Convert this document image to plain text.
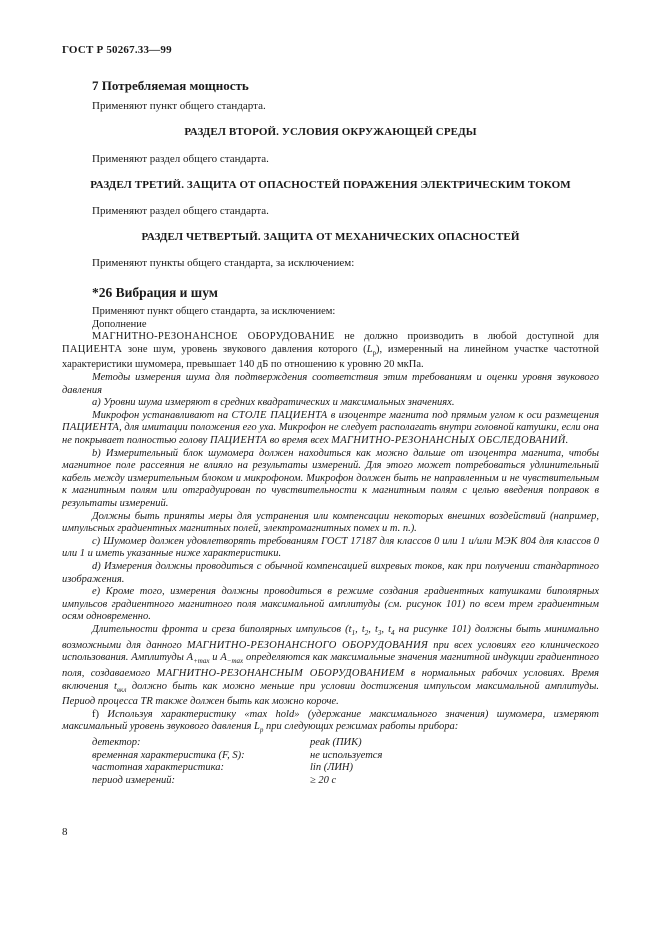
ГОСТ Р 50267.33—99
7 Потребляемая мощность
Применяют пункт общего стандарта.
РАЗДЕЛ ВТОРОЙ. УСЛОВИЯ ОКРУЖАЮЩЕЙ СРЕДЫ
Применяют раздел общего стандарта.
РАЗДЕЛ ТРЕТИЙ. ЗАЩИТА ОТ ОПАСНОСТЕЙ ПОРАЖЕНИЯ ЭЛЕКТРИЧЕСКИМ ТОКОМ
Применяют раздел общего стандарта.
РАЗДЕЛ ЧЕТВЕРТЫЙ. ЗАЩИТА ОТ МЕХАНИЧЕСКИХ ОПАСНОСТЕЙ
Применяют пункты общего стандарта, за исключением:
*26 Вибрация и шум

Применяют пункт общего стандарта, за исключением:

Дополнение

МАГНИТНО-РЕЗОНАНСНОЕ ОБОРУДОВАНИЕ не должно производить в любой доступной для ПАЦИЕНТА зоне шум, уровень звукового давления которого $(L_p)$, измеренный на линейном участке частотной характеристики шумомера, превышает 140 дБ по отношению к уровню 20 мкПа.

Методы измерения шума для подтверждения соответствия этим требованиям и оценки уровня звукового давления

а) Уровни шума измеряют в средних квадратических и максимальных значениях.

Микрофон устанавливают на СТОЛЕ ПАЦИЕНТА в изоцентре магнита под прямым углом к оси размещения ПАЦИЕНТА, для имитации положения его уха. Микрофон не следует располагать внутри головной катушки, если она не покрывает полностью голову ПАЦИЕНТА во время всех МАГНИТНО-РЕЗОНАНСНЫХ ОБСЛЕДОВАНИЙ.

b) Измерительный блок шумомера должен находиться как можно дальше от изоцентра магнита, чтобы магнитное поле рассеяния не влияло на результаты измерений. Для этого может потребоваться удлинительный кабель между измерительным блоком и микрофоном. Микрофон должен быть не направленным и не чувствительным к магнитным полям или отградуирован по чувствительности к магнитным полям с целью введения поправок в результаты измерений.

Должны быть приняты меры для устранения или компенсации некоторых внешних воздействий (например, импульсных градиентных магнитных полей, электромагнитных помех и т. п.).

с) Шумомер должен удовлетворять требованиям ГОСТ 17187 для классов 0 или 1 и/или МЭК 804 для классов 0 или 1 и иметь указанные ниже характеристики.

d) Измерения должны проводиться с обычной компенсацией вихревых токов, как при получении стандартного изображения.

е) Кроме того, измерения должны проводиться в режиме создания градиентных катушками биполярных импульсов градиентного магнитного поля максимальной амплитуды (см. рисунок 101) по всем трем градиентным осям одновременно.

Длительности фронта и среза биполярных импульсов ($t_1$, $t_2$, $t_3$, $t_4$ на рисунке 101) должны быть минимально возможными для данного МАГНИТНО-РЕЗОНАНСНОГО ОБОРУДОВАНИЯ при всех условиях его клинического использования. Амплитуды $A_{+max}$ и $A_{-max}$ определяются как максимальные значения магнитной индукции градиентного поля, создаваемого МАГНИТНО-РЕЗОНАНСНЫМ ОБОРУДОВАНИЕМ в нормальных рабочих условиях. Время включения $t_{вкл}$ должно быть как можно меньше при условии достижения импульсом максимальной амплитуды. Период процесса TR также должен быть как можно короче.

f) Используя характеристику «max hold» (удержание максимального значения) шумомера, измеряют максимальный уровень звукового давления $L_p$ при следующих режимах работы прибора:

детектор:	peak (ПИК)
временная характеристика (F, S):	не используется
частотная характеристика:	lin (ЛИН)
период измерений:	≥ 20 с
8
